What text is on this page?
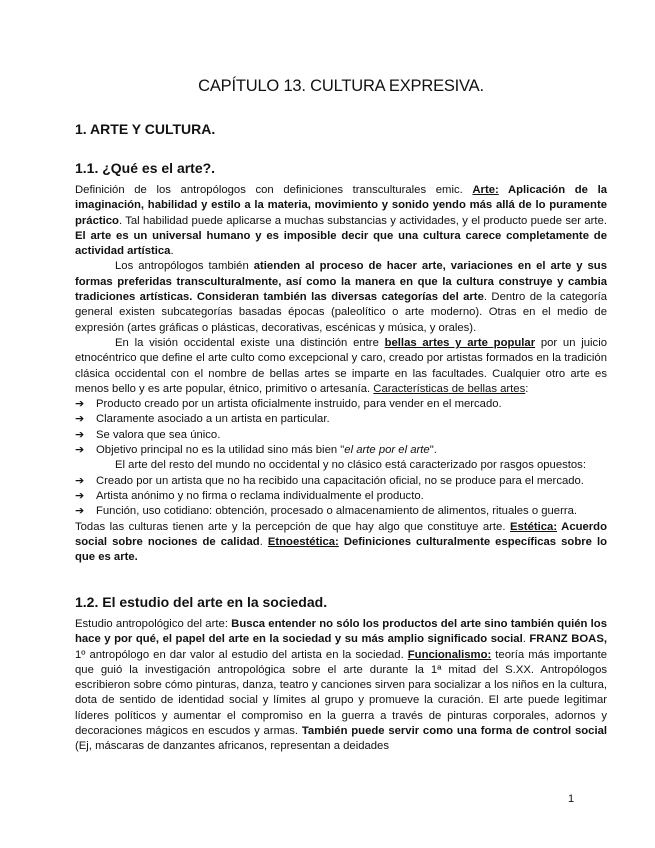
CAPÍTULO 13. CULTURA EXPRESIVA.
1. ARTE Y CULTURA.
1.1. ¿Qué es el arte?.

Definición de los antropólogos con definiciones transculturales emic. Arte: Aplicación de la imaginación, habilidad y estilo a la materia, movimiento y sonido yendo más allá de lo puramente práctico. Tal habilidad puede aplicarse a muchas substancias y actividades, y el producto puede ser arte. El arte es un universal humano y es imposible decir que una cultura carece completamente de actividad artística.

Los antropólogos también atienden al proceso de hacer arte, variaciones en el arte y sus formas preferidas transculturalmente, así como la manera en que la cultura construye y cambia tradiciones artísticas. Consideran también las diversas categorías del arte. Dentro de la categoría general existen subcategorías basadas épocas (paleolítico o arte moderno). Otras en el medio de expresión (artes gráficas o plásticas, decorativas, escénicas y música, y orales).

En la visión occidental existe una distinción entre bellas artes y arte popular por un juicio etnocéntrico que define el arte culto como excepcional y caro, creado por artistas formados en la tradición clásica occidental con el nombre de bellas artes se imparte en las facultades. Cualquier otro arte es menos bello y es arte popular, étnico, primitivo o artesanía. Características de bellas artes:

➔ Producto creado por un artista oficialmente instruido, para vender en el mercado.
➔ Claramente asociado a un artista en particular.
➔ Se valora que sea único.
➔ Objetivo principal no es la utilidad sino más bien "el arte por el arte".

El arte del resto del mundo no occidental y no clásico está caracterizado por rasgos opuestos:

➔ Creado por un artista que no ha recibido una capacitación oficial, no se produce para el mercado.
➔ Artista anónimo y no firma o reclama individualmente el producto.
➔ Función, uso cotidiano: obtención, procesado o almacenamiento de alimentos, rituales o guerra.

Todas las culturas tienen arte y la percepción de que hay algo que constituye arte. Estética: Acuerdo social sobre nociones de calidad. Etnoestética: Definiciones culturalmente específicas sobre lo que es arte.

1.2. El estudio del arte en la sociedad.

Estudio antropológico del arte: Busca entender no sólo los productos del arte sino también quién los hace y por qué, el papel del arte en la sociedad y su más amplio significado social. FRANZ BOAS, 1º antropólogo en dar valor al estudio del artista en la sociedad. Funcionalismo: teoría más importante que guió la investigación antropológica sobre el arte durante la 1ª mitad del S.XX. Antropólogos escribieron sobre cómo pinturas, danza, teatro y canciones sirven para socializar a los niños en la cultura, dota de sentido de identidad social y límites al grupo y promueve la curación. El arte puede legitimar líderes políticos y aumentar el compromiso en la guerra a través de pinturas corporales, adornos y decoraciones mágicos en escudos y armas. También puede servir como una forma de control social (Ej, máscaras de danzantes africanos, representan a deidades

1
